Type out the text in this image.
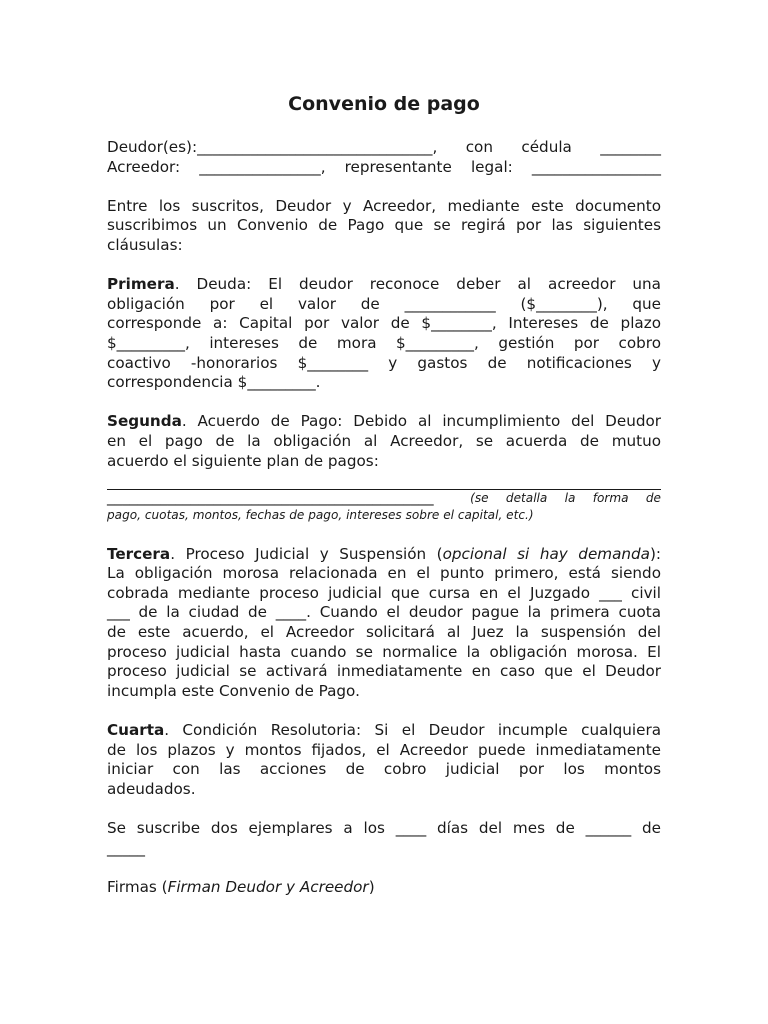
Convenio de pago
Deudor(es):_______________________________, con cédula ________
Acreedor: ________________, representante legal: _________________
Entre los suscritos, Deudor y Acreedor, mediante este documento
suscribimos un Convenio de Pago que se regirá por las siguientes
cláusulas:
Primera. Deuda: El deudor reconoce deber al acreedor una
obligación por el valor de ____________ ($________), que
corresponde a: Capital por valor de $________, Intereses de plazo
$_________, intereses de mora $_________, gestión por cobro
coactivo -honorarios $________ y gastos de notificaciones y
correspondencia $_________.
Segunda. Acuerdo de Pago: Debido al incumplimiento del Deudor
en el pago de la obligación al Acreedor, se acuerda de mutuo
acuerdo el siguiente plan de pagos:
___________________________________________	(se detalla la forma de
pago, cuotas, montos, fechas de pago, intereses sobre el capital, etc.)
Tercera. Proceso Judicial y Suspensión (opcional si hay demanda):
La obligación morosa relacionada en el punto primero, está siendo
cobrada mediante proceso judicial que cursa en el Juzgado ___ civil
___ de la ciudad de ____. Cuando el deudor pague la primera cuota
de este acuerdo, el Acreedor solicitará al Juez la suspensión del
proceso judicial hasta cuando se normalice la obligación morosa. El
proceso judicial se activará inmediatamente en caso que el Deudor
incumpla este Convenio de Pago.
Cuarta. Condición Resolutoria: Si el Deudor incumple cualquiera
de los plazos y montos fijados, el Acreedor puede inmediatamente
iniciar con las acciones de cobro judicial por los montos
adeudados.
Se suscribe dos ejemplares a los ____ días del mes de ______ de
_____
Firmas (Firman Deudor y Acreedor)
